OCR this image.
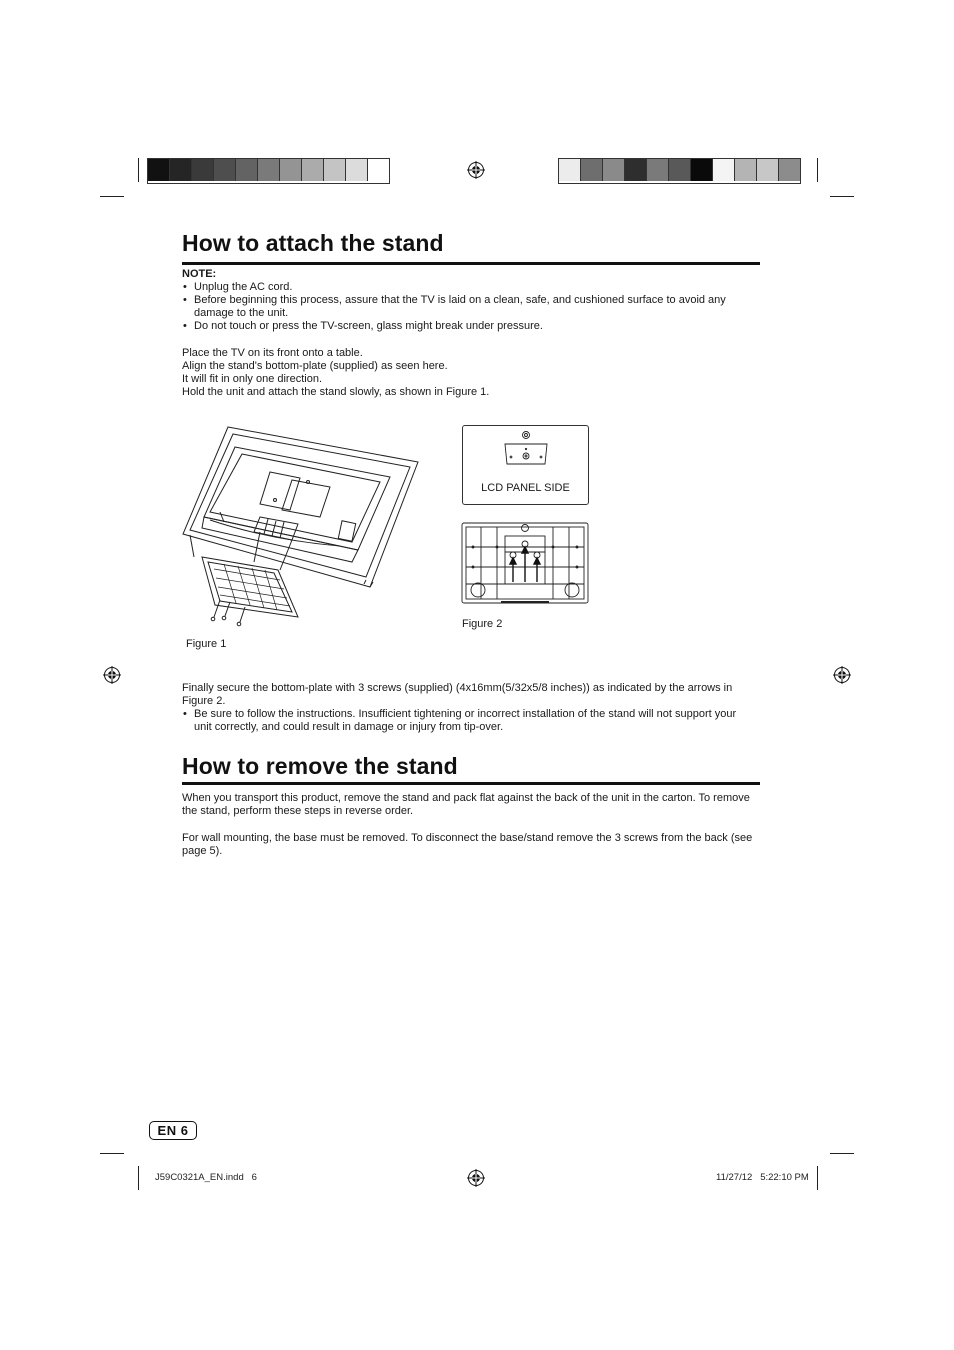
How to attach the stand
NOTE:
• Unplug the AC cord.
• Before beginning this process, assure that the TV is laid on a clean, safe, and cushioned surface to avoid any damage to the unit.
• Do not touch or press the TV-screen, glass might break under pressure.
Place the TV on its front onto a table.
Align the stand's bottom-plate (supplied) as seen here.
It will fit in only one direction.
Hold the unit and attach the stand slowly, as shown in Figure 1.
LCD PANEL SIDE
Figure 2
Figure 1
Finally secure the bottom-plate with 3 screws (supplied) (4x16mm(5/32x5/8 inches)) as indicated by the arrows in Figure 2.
• Be sure to follow the instructions. Insufficient tightening or incorrect installation of the stand will not support your unit correctly, and could result in damage or injury from tip-over.
How to remove the stand
When you transport this product, remove the stand and pack flat against the back of the unit in the carton. To remove the stand, perform these steps in reverse order.
For wall mounting, the base must be removed. To disconnect the base/stand remove the 3 screws from the back (see page 5).
EN 6
J59C0321A_EN.indd   6	11/27/12   5:22:10 PM
